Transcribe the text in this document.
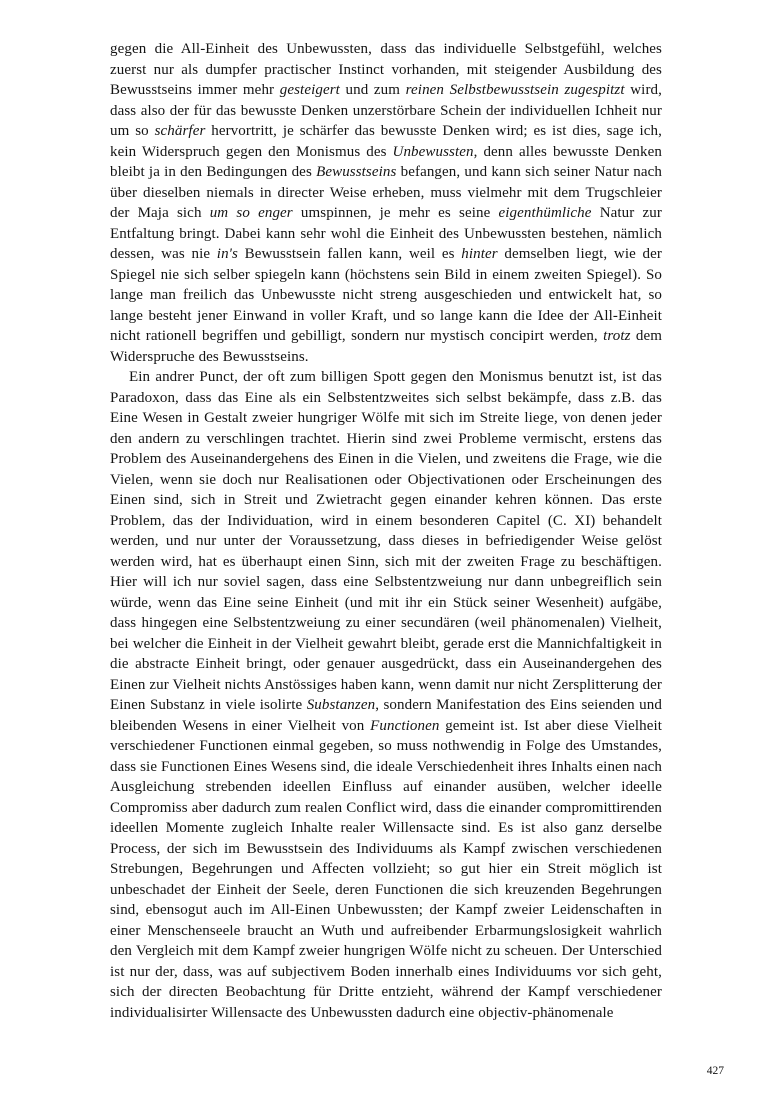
gegen die All-Einheit des Unbewussten, dass das individuelle Selbstgefühl, welches zuerst nur als dumpfer practischer Instinct vorhanden, mit steigender Ausbildung des Bewusstseins immer mehr gesteigert und zum reinen Selbstbewusstsein zugespitzt wird, dass also der für das bewusste Denken unzerstörbare Schein der individuellen Ichheit nur um so schärfer hervortritt, je schärfer das bewusste Denken wird; es ist dies, sage ich, kein Widerspruch gegen den Monismus des Unbewussten, denn alles bewusste Denken bleibt ja in den Bedingungen des Bewusstseins befangen, und kann sich seiner Natur nach über dieselben niemals in directer Weise erheben, muss vielmehr mit dem Trugschleier der Maja sich um so enger umspinnen, je mehr es seine eigenthümliche Natur zur Entfaltung bringt. Dabei kann sehr wohl die Einheit des Unbewussten bestehen, nämlich dessen, was nie in's Bewusstsein fallen kann, weil es hinter demselben liegt, wie der Spiegel nie sich selber spiegeln kann (höchstens sein Bild in einem zweiten Spiegel). So lange man freilich das Unbewusste nicht streng ausgeschieden und entwickelt hat, so lange besteht jener Einwand in voller Kraft, und so lange kann die Idee der All-Einheit nicht rationell begriffen und gebilligt, sondern nur mystisch concipirt werden, trotz dem Widerspruche des Bewusstseins.

Ein andrer Punct, der oft zum billigen Spott gegen den Monismus benutzt ist, ist das Paradoxon, dass das Eine als ein Selbstentzweites sich selbst bekämpfe, dass z.B. das Eine Wesen in Gestalt zweier hungriger Wölfe mit sich im Streite liege, von denen jeder den andern zu verschlingen trachtet. Hierin sind zwei Probleme vermischt, erstens das Problem des Auseinandergehens des Einen in die Vielen, und zweitens die Frage, wie die Vielen, wenn sie doch nur Realisationen oder Objectivationen oder Erscheinungen des Einen sind, sich in Streit und Zwietracht gegen einander kehren können. Das erste Problem, das der Individuation, wird in einem besonderen Capitel (C. XI) behandelt werden, und nur unter der Voraussetzung, dass dieses in befriedigender Weise gelöst werden wird, hat es überhaupt einen Sinn, sich mit der zweiten Frage zu beschäftigen. Hier will ich nur soviel sagen, dass eine Selbstentzweiung nur dann unbegreiflich sein würde, wenn das Eine seine Einheit (und mit ihr ein Stück seiner Wesenheit) aufgäbe, dass hingegen eine Selbstentzweiung zu einer secundären (weil phänomenalen) Vielheit, bei welcher die Einheit in der Vielheit gewahrt bleibt, gerade erst die Mannichfaltigkeit in die abstracte Einheit bringt, oder genauer ausgedrückt, dass ein Auseinandergehen des Einen zur Vielheit nichts Anstössiges haben kann, wenn damit nur nicht Zersplitterung der Einen Substanz in viele isolirte Substanzen, sondern Manifestation des Eins seienden und bleibenden Wesens in einer Vielheit von Functionen gemeint ist. Ist aber diese Vielheit verschiedener Functionen einmal gegeben, so muss nothwendig in Folge des Umstandes, dass sie Functionen Eines Wesens sind, die ideale Verschiedenheit ihres Inhalts einen nach Ausgleichung strebenden ideellen Einfluss auf einander ausüben, welcher ideelle Compromiss aber dadurch zum realen Conflict wird, dass die einander compromittirenden ideellen Momente zugleich Inhalte realer Willensacte sind. Es ist also ganz derselbe Process, der sich im Bewusstsein des Individuums als Kampf zwischen verschiedenen Strebungen, Begehrungen und Affecten vollzieht; so gut hier ein Streit möglich ist unbeschadet der Einheit der Seele, deren Functionen die sich kreuzenden Begehrungen sind, ebensogut auch im All-Einen Unbewussten; der Kampf zweier Leidenschaften in einer Menschenseele braucht an Wuth und aufreibender Erbarmungslosigkeit wahrlich den Vergleich mit dem Kampf zweier hungrigen Wölfe nicht zu scheuen. Der Unterschied ist nur der, dass, was auf subjectivem Boden innerhalb eines Individuums vor sich geht, sich der directen Beobachtung für Dritte entzieht, während der Kampf verschiedener individualisirter Willensacte des Unbewussten dadurch eine objectiv-phänomenale

427
